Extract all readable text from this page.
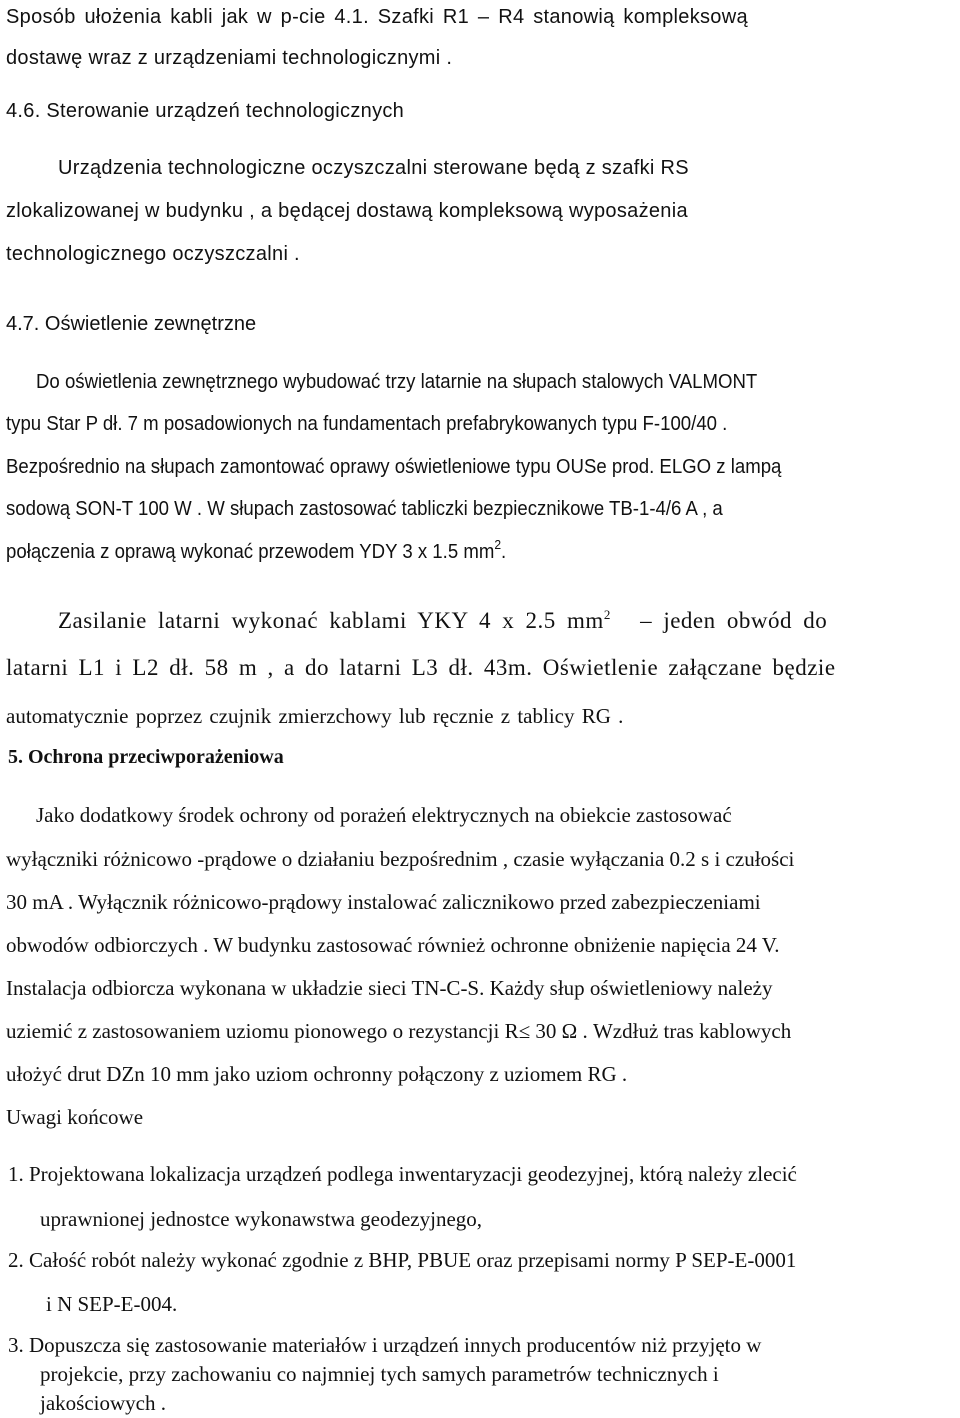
Sposób ułożenia kabli jak w p-cie 4.1. Szafki R1 – R4 stanowią kompleksową

dostawę wraz z urządzeniami technologicznymi .

4.6. Sterowanie urządzeń technologicznych

Urządzenia technologiczne oczyszczalni sterowane będą z szafki RS

zlokalizowanej w budynku , a będącej dostawą kompleksową wyposażenia

technologicznego oczyszczalni .

4.7. Oświetlenie zewnętrzne

Do oświetlenia zewnętrznego wybudować trzy latarnie na słupach stalowych VALMONT

typu Star P dł. 7 m posadowionych na fundamentach prefabrykowanych typu F-100/40 .

Bezpośrednio na słupach zamontować oprawy oświetleniowe typu OUSe prod. ELGO z lampą

sodową SON-T 100 W . W słupach zastosować tabliczki bezpiecznikowe TB-1-4/6 A , a

połączenia z oprawą wykonać przewodem YDY 3 x 1.5 $mm^2$.

Zasilanie latarni wykonać kablami YKY 4 x 2.5 $mm^2$ – jeden obwód do

latarni L1 i L2 dł. 58 m , a do latarni L3 dł. 43m. Oświetlenie załączane będzie

automatycznie poprzez czujnik zmierzchowy lub ręcznie z tablicy RG .

5. Ochrona przeciwporażeniowa

Jako dodatkowy środek ochrony od porażeń elektrycznych na obiekcie zastosować

wyłączniki różnicowo -prądowe o działaniu bezpośrednim , czasie wyłączania 0.2 s i czułości

30 mA . Wyłącznik różnicowo-prądowy instalować zalicznikowo przed zabezpieczeniami

obwodów odbiorczych . W budynku zastosować również ochronne obniżenie napięcia 24 V.

Instalacja odbiorcza wykonana w układzie sieci TN-C-S. Każdy słup oświetleniowy należy

uziemić z zastosowaniem uziomu pionowego o rezystancji R≤ 30 Ω . Wzdłuż tras kablowych

ułożyć drut DZn 10 mm jako uziom ochronny połączony z uziomem RG .

Uwagi końcowe

1. Projektowana lokalizacja urządzeń podlega inwentaryzacji geodezyjnej, którą należy zlecić

uprawnionej jednostce wykonawstwa geodezyjnego,

2. Całość robót należy wykonać zgodnie z BHP, PBUE oraz przepisami normy P SEP-E-0001

i N SEP-E-004.

3. Dopuszcza się zastosowanie materiałów i urządzeń innych producentów niż przyjęto w

projekcie, przy zachowaniu co najmniej tych samych parametrów technicznych i

jakościowych .
